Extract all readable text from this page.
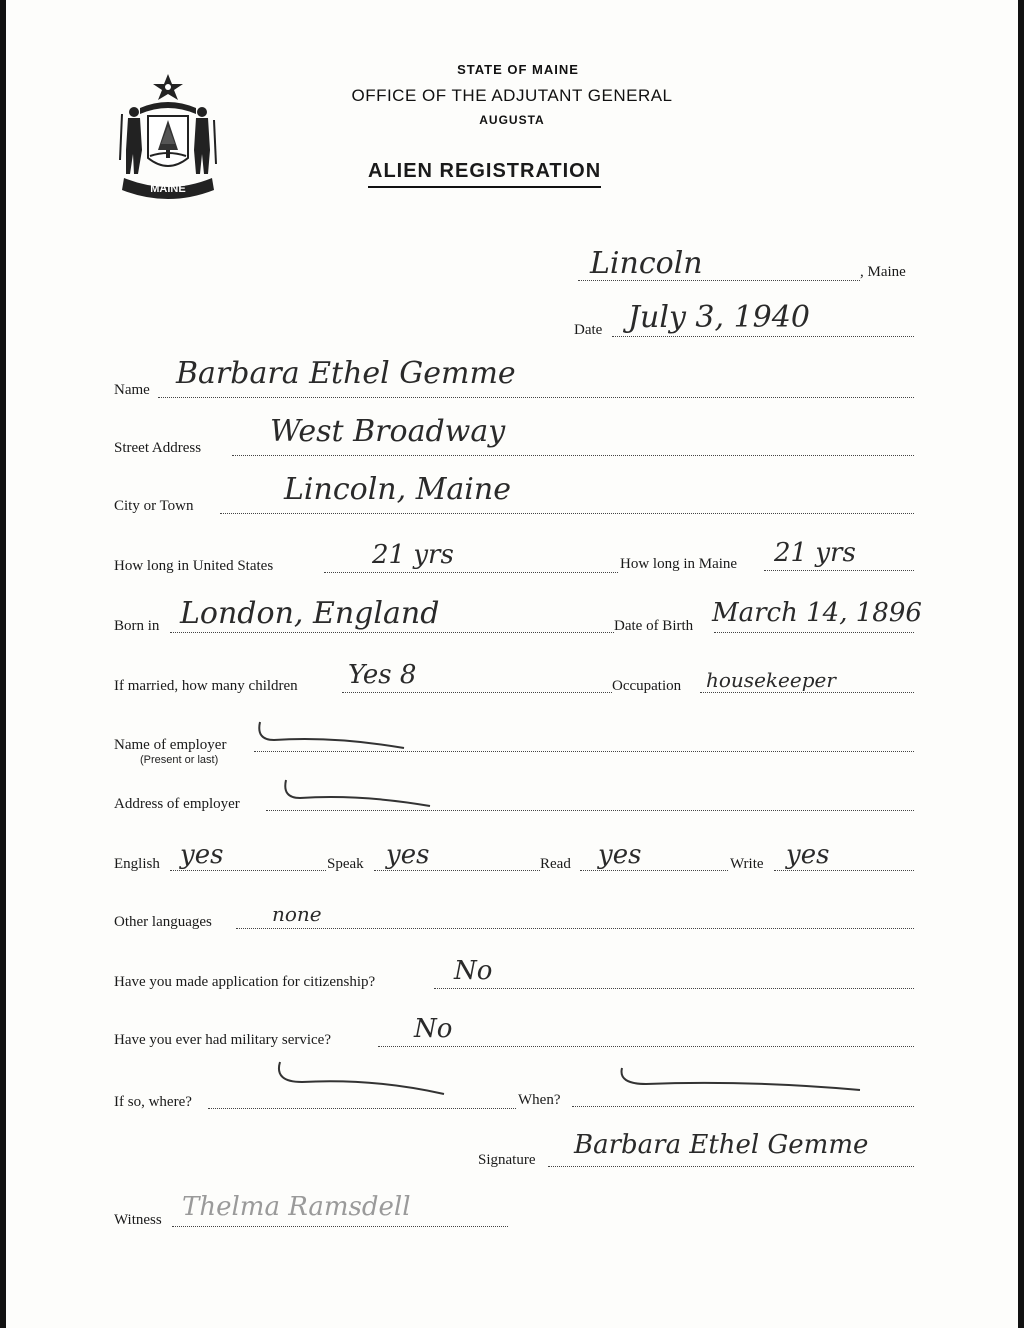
MAINE
STATE OF MAINE
OFFICE OF THE ADJUTANT GENERAL
AUGUSTA
ALIEN REGISTRATION
Lincoln	, Maine
Date July 3, 1940
Name Barbara Ethel Gemme
Street Address West Broadway
City or Town	Lincoln, Maine
How long in United States	21 yrs	How long in Maine 21 yrs
Born in London, England	Date of Birth March 14, 1896
If married, how many children Yes 8	Occupation housekeeper
Name of employer
(Present or last)
Address of employer
English yes	Speak yes	Read yes	Write yes
Other languages	none
Have you made application for citizenship?	No
Have you ever had military service?	No
If so, where?	When?
Signature Barbara Ethel Gemme
Witness Thelma Ramsdell
